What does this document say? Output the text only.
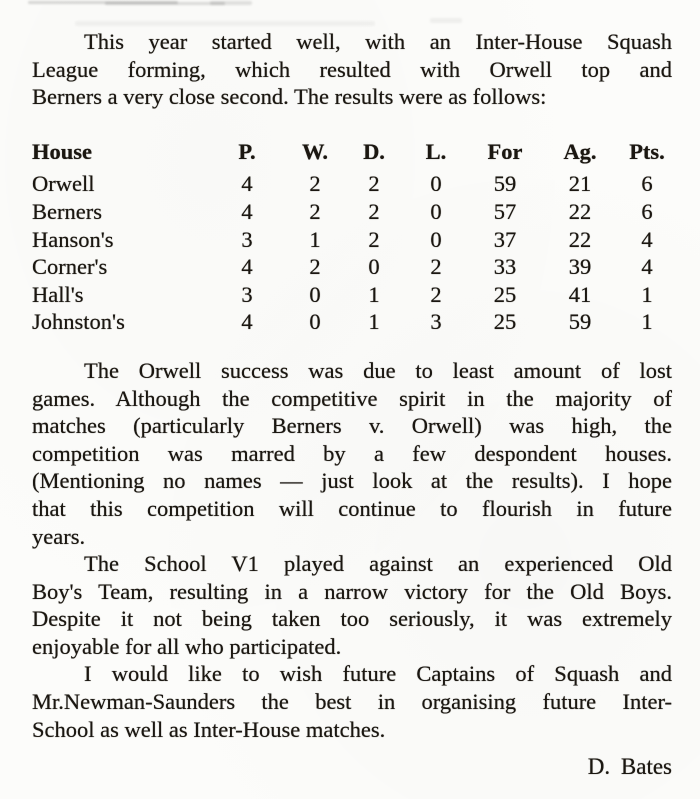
This year started well, with an Inter-House Squash
League forming, which resulted with Orwell top and
Berners a very close second. The results were as follows:
House	P.	W.	D.	L.	For	Ag.	Pts.
Orwell	4	2	2	0	59	21	6
Berners	4	2	2	0	57	22	6
Hanson's	3	1	2	0	37	22	4
Corner's	4	2	0	2	33	39	4
Hall's	3	0	1	2	25	41	1
Johnston's	4	0	1	3	25	59	1
The Orwell success was due to least amount of lost
games. Although the competitive spirit in the majority of
matches (particularly Berners v. Orwell) was high, the
competition was marred by a few despondent houses.
(Mentioning no names — just look at the results). I hope
that this competition will continue to flourish in future
years.
The School V1 played against an experienced Old
Boy's Team, resulting in a narrow victory for the Old Boys.
Despite it not being taken too seriously, it was extremely
enjoyable for all who participated.
I would like to wish future Captains of Squash and
Mr.Newman-Saunders the best in organising future Inter-
School as well as Inter-House matches.
D. Bates
